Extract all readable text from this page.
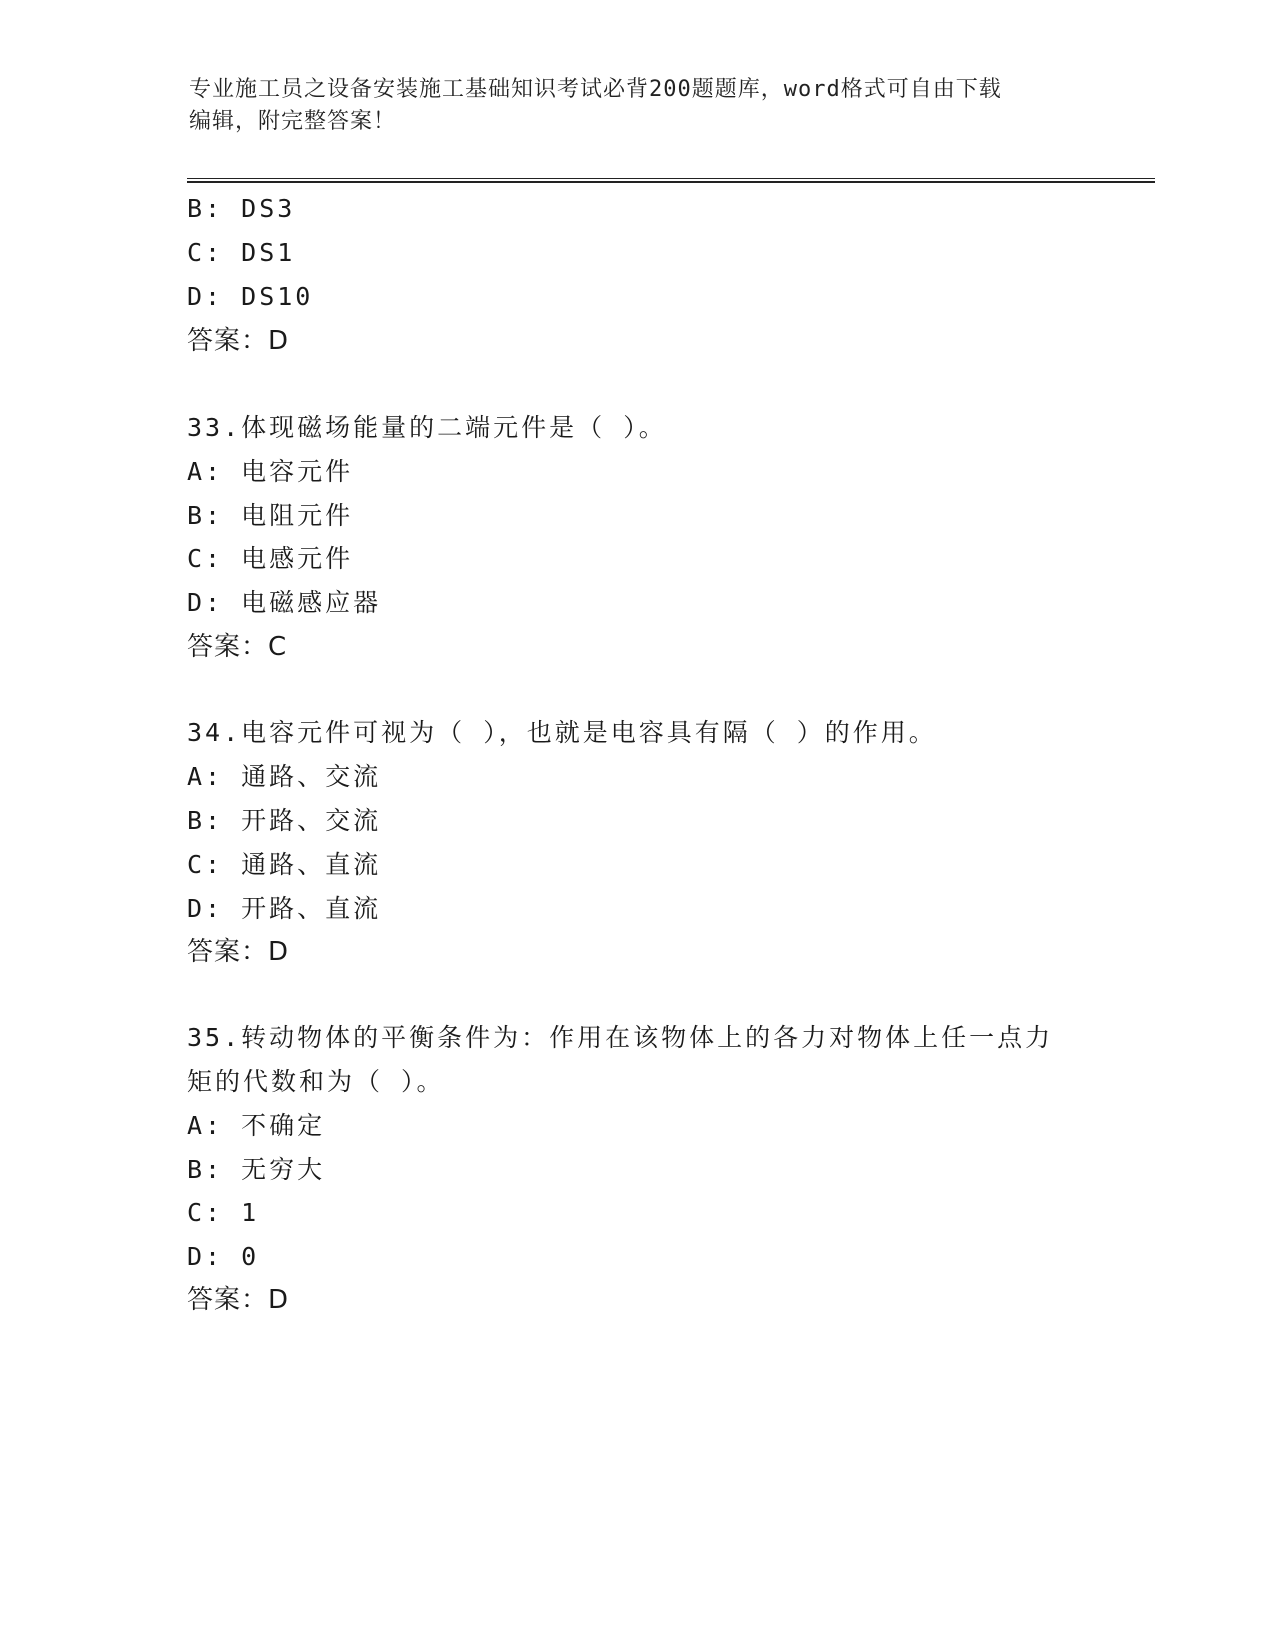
专业施工员之设备安装施工基础知识考试必背200题题库，word格式可自由下载
编辑，附完整答案！
B: DS3
C: DS1
D: DS10
答案：D
33.体现磁场能量的二端元件是（ ）。
A: 电容元件
B: 电阻元件
C: 电感元件
D: 电磁感应器
答案：C
34.电容元件可视为（ ），也就是电容具有隔（ ）的作用。
A: 通路、交流
B: 开路、交流
C: 通路、直流
D: 开路、直流
答案：D
35.转动物体的平衡条件为：作用在该物体上的各力对物体上任一点力
矩的代数和为（ ）。
A: 不确定
B: 无穷大
C: 1
D: 0
答案：D
